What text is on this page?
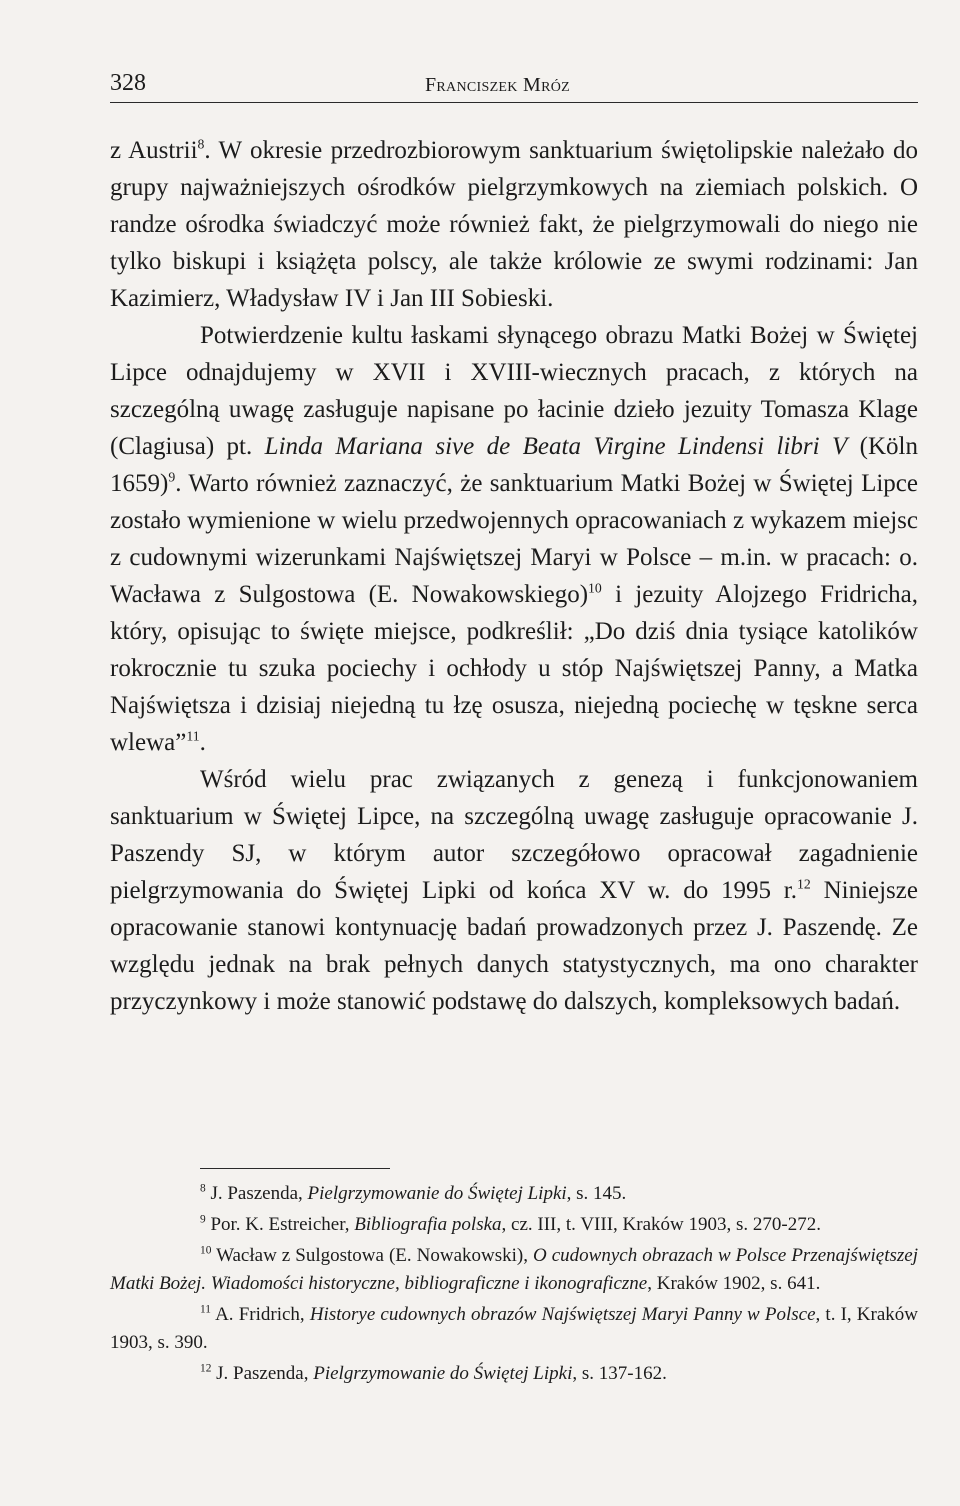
328	Franciszek Mróz

z Austrii$^8$. W okresie przedrozbiorowym sanktuarium świętolipskie należało do grupy najważniejszych ośrodków pielgrzymkowych na ziemiach polskich. O randze ośrodka świadczyć może również fakt, że pielgrzymowali do niego nie tylko biskupi i książęta polscy, ale także królowie ze swymi rodzinami: Jan Kazimierz, Władysław IV i Jan III Sobieski.

Potwierdzenie kultu łaskami słynącego obrazu Matki Bożej w Świętej Lipce odnajdujemy w XVII i XVIII-wiecznych pracach, z których na szczególną uwagę zasługuje napisane po łacinie dzieło jezuity Tomasza Klage (Clagiusa) pt. Linda Mariana sive de Beata Virgine Lindensi libri V (Köln 1659)$^9$. Warto również zaznaczyć, że sanktuarium Matki Bożej w Świętej Lipce zostało wymienione w wielu przedwojennych opracowaniach z wykazem miejsc z cudownymi wizerunkami Najświętszej Maryi w Polsce – m.in. w pracach: o. Wacława z Sulgostowa (E. Nowakowskiego)$^{10}$ i jezuity Alojzego Fridricha, który, opisując to święte miejsce, podkreślił: „Do dziś dnia tysiące katolików rokrocznie tu szuka pociechy i ochłody u stóp Najświętszej Panny, a Matka Najświętsza i dzisiaj niejedną tu łzę osusza, niejedną pociechę w tęskne serca wlewa”$^{11}$.

Wśród wielu prac związanych z genezą i funkcjonowaniem sanktuarium w Świętej Lipce, na szczególną uwagę zasługuje opracowanie J. Paszendy SJ, w którym autor szczegółowo opracował zagadnienie pielgrzymowania do Świętej Lipki od końca XV w. do 1995 r.$^{12}$ Niniejsze opracowanie stanowi kontynuację badań prowadzonych przez J. Paszendę. Ze względu jednak na brak pełnych danych statystycznych, ma ono charakter przyczynkowy i może stanowić podstawę do dalszych, kompleksowych badań.

$^8$ J. Paszenda, Pielgrzymowanie do Świętej Lipki, s. 145.

$^9$ Por. K. Estreicher, Bibliografia polska, cz. III, t. VIII, Kraków 1903, s. 270-272.

$^{10}$ Wacław z Sulgostowa (E. Nowakowski), O cudownych obrazach w Polsce Przenajświętszej Matki Bożej. Wiadomości historyczne, bibliograficzne i ikonograficzne, Kraków 1902, s. 641.

$^{11}$ A. Fridrich, Historye cudownych obrazów Najświętszej Maryi Panny w Polsce, t. I, Kraków 1903, s. 390.

$^{12}$ J. Paszenda, Pielgrzymowanie do Świętej Lipki, s. 137-162.
